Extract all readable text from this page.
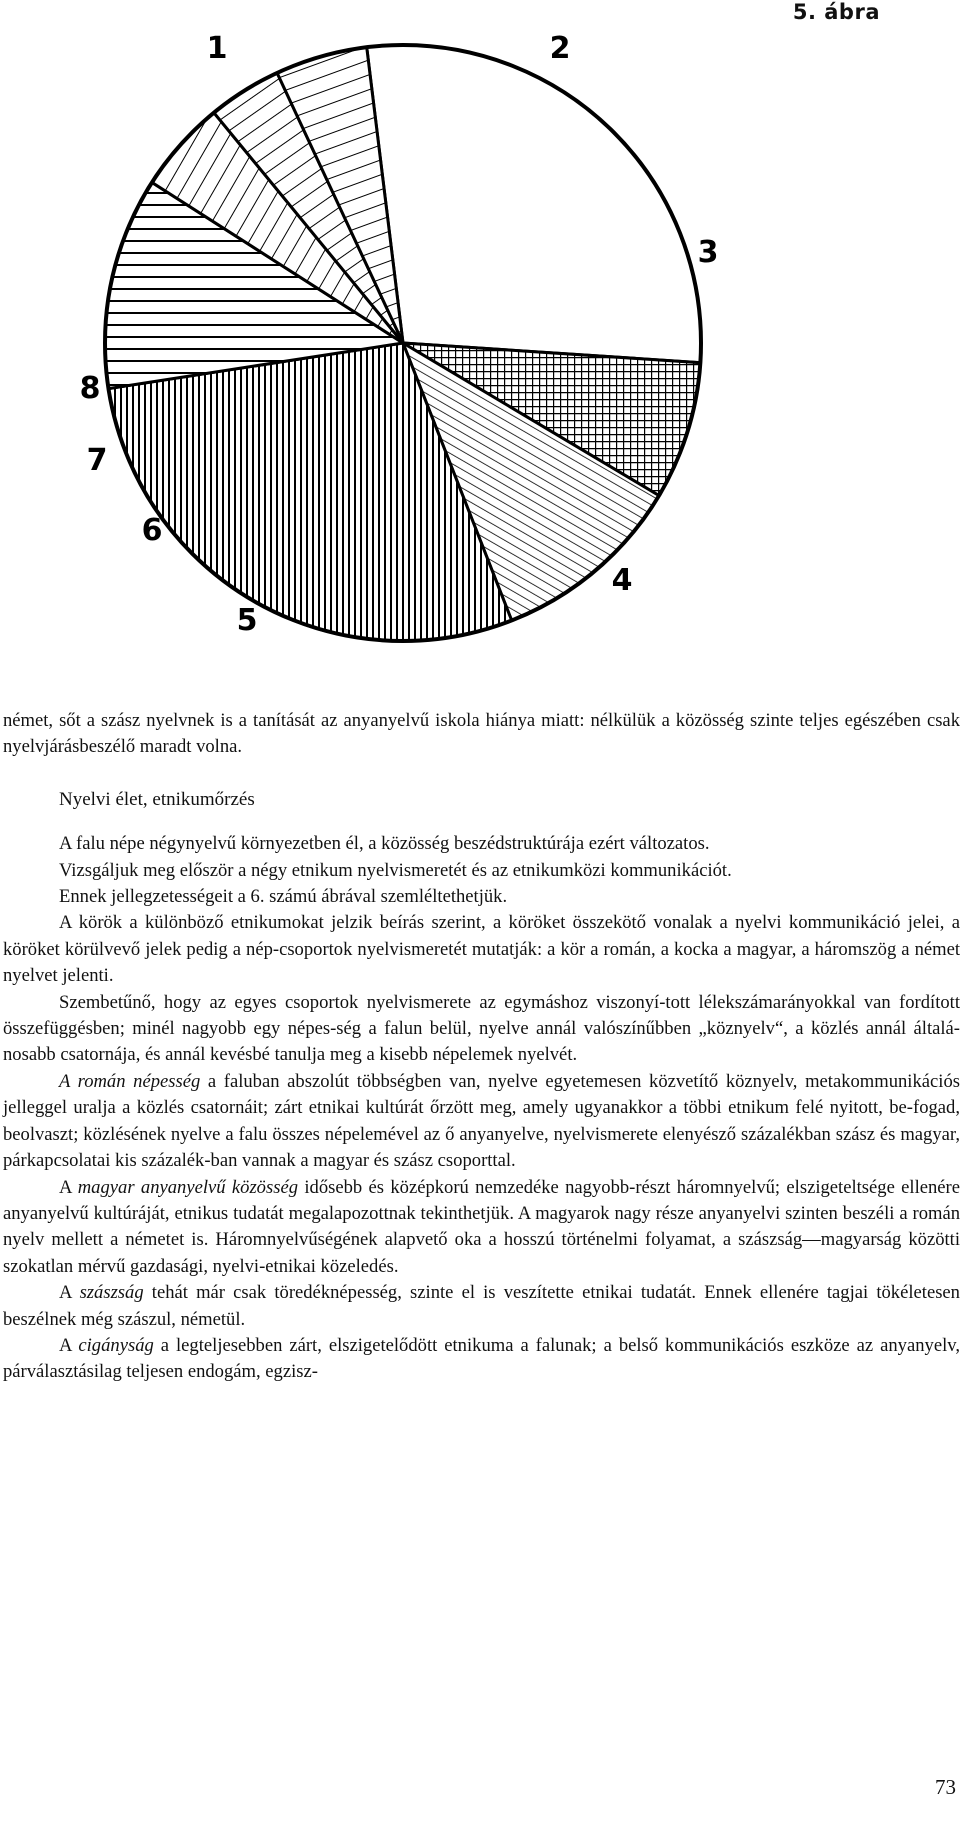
5. ábra
1	2
3
4
5
6
7
8

német, sőt a szász nyelvnek is a tanítását az anyanyelvű iskola hiánya miatt: nélkülük a közösség szinte teljes egészében csak nyelvjárásbeszélő maradt volna.

Nyelvi élet, etnikumőrzés

A falu népe négynyelvű környezetben él, a közösség beszédstruktúrája ezért változatos.

Vizsgáljuk meg először a négy etnikum nyelvismeretét és az etnikumközi kommunikációt.

Ennek jellegzetességeit a 6. számú ábrával szemléltethetjük.

A körök a különböző etnikumokat jelzik beírás szerint, a köröket összekötő vonalak a nyelvi kommunikáció jelei, a köröket körülvevő jelek pedig a nép-csoportok nyelvismeretét mutatják: a kör a román, a kocka a magyar, a háromszög a német nyelvet jelenti.

Szembetűnő, hogy az egyes csoportok nyelvismerete az egymáshoz viszonyí-tott lélekszámarányokkal van fordított összefüggésben; minél nagyobb egy népes-ség a falun belül, nyelve annál valószínűbben „köznyelv“, a közlés annál általá-nosabb csatornája, és annál kevésbé tanulja meg a kisebb népelemek nyelvét.

A román népesség a faluban abszolút többségben van, nyelve egyetemesen közvetítő köznyelv, metakommunikációs jelleggel uralja a közlés csatornáit; zárt etnikai kultúrát őrzött meg, amely ugyanakkor a többi etnikum felé nyitott, be-fogad, beolvaszt; közlésének nyelve a falu összes népelemével az ő anyanyelve, nyelvismerete elenyésző százalékban szász és magyar, párkapcsolatai kis százalék-ban vannak a magyar és szász csoporttal.

A magyar anyanyelvű közösség idősebb és középkorú nemzedéke nagyobb-részt háromnyelvű; elszigeteltsége ellenére anyanyelvű kultúráját, etnikus tudatát megalapozottnak tekinthetjük. A magyarok nagy része anyanyelvi szinten beszéli a román nyelv mellett a németet is. Háromnyelvűségének alapvető oka a hosszú történelmi folyamat, a szászság—magyarság közötti szokatlan mérvű gazdasági, nyelvi-etnikai közeledés.

A szászság tehát már csak töredéknépesség, szinte el is veszítette etnikai tudatát. Ennek ellenére tagjai tökéletesen beszélnek még szászul, németül.

A cigányság a legteljesebben zárt, elszigetelődött etnikuma a falunak; a belső kommunikációs eszköze az anyanyelv, párválasztásilag teljesen endogám, egzisz-

73
